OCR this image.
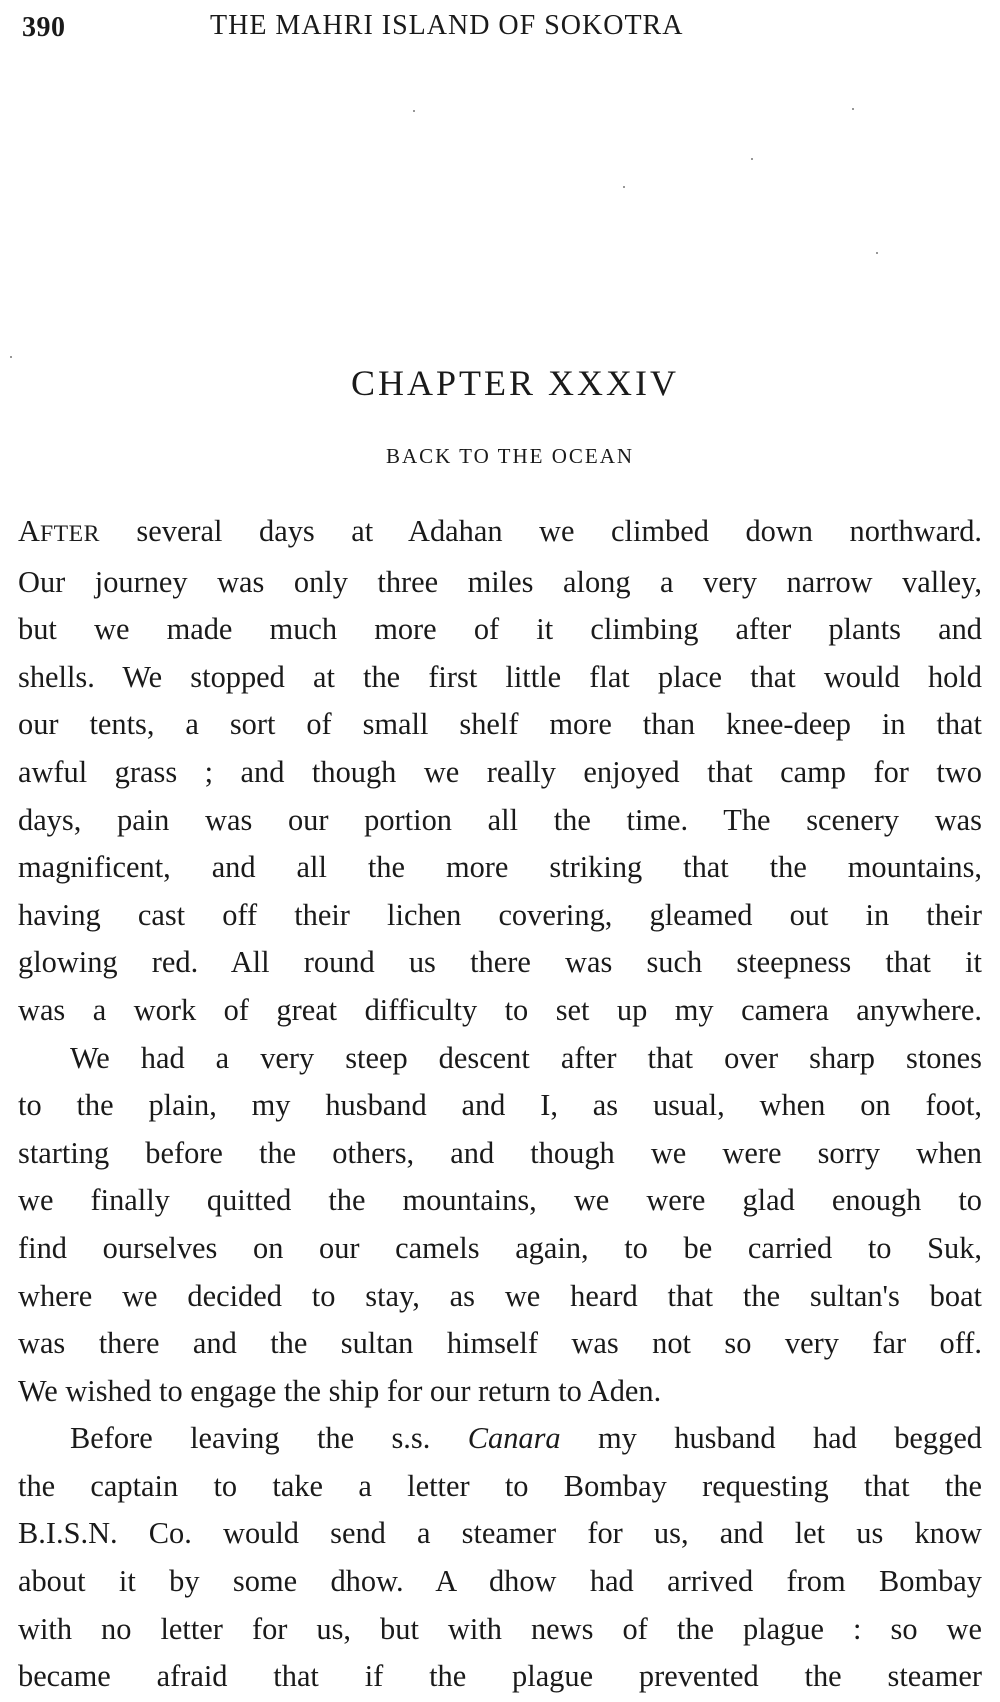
390	THE MAHRI ISLAND OF SOKOTRA
CHAPTER XXXIV
BACK TO THE OCEAN
AFTER several days at Adahan we climbed down northward.
Our journey was only three miles along a very narrow valley,
but we made much more of it climbing after plants and
shells. We stopped at the first little flat place that would hold
our tents, a sort of small shelf more than knee-deep in that
awful grass ; and though we really enjoyed that camp for two
days, pain was our portion all the time. The scenery was
magnificent, and all the more striking that the mountains,
having cast off their lichen covering, gleamed out in their
glowing red. All round us there was such steepness that it
was a work of great difficulty to set up my camera anywhere.
We had a very steep descent after that over sharp stones
to the plain, my husband and I, as usual, when on foot,
starting before the others, and though we were sorry when
we finally quitted the mountains, we were glad enough to
find ourselves on our camels again, to be carried to Suk,
where we decided to stay, as we heard that the sultan's boat
was there and the sultan himself was not so very far off.
We wished to engage the ship for our return to Aden.
Before leaving the s.s. Canara my husband had begged
the captain to take a letter to Bombay requesting that the
B.I.S.N. Co. would send a steamer for us, and let us know
about it by some dhow. A dhow had arrived from Bombay
with no letter for us, but with news of the plague : so we
became afraid that if the plague prevented the steamer
